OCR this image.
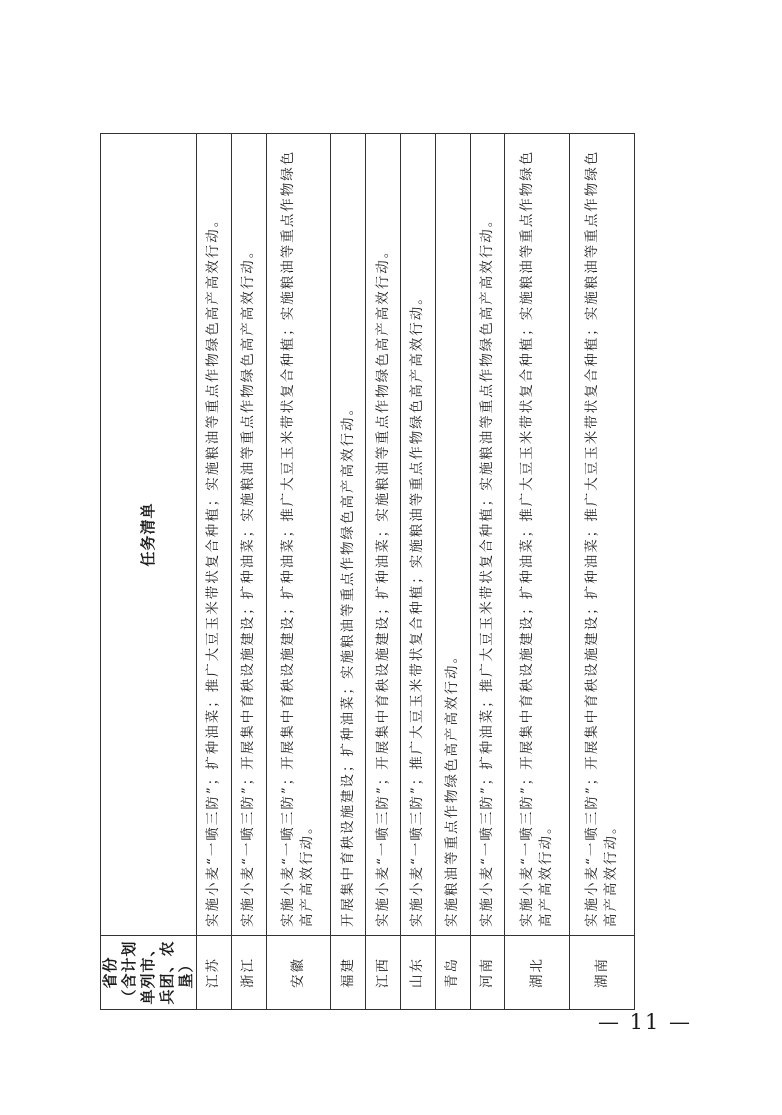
省份 （含计划单列市、 兵团、农垦）	任务清单
江苏	实施小麦“一喷三防”；扩种油菜；推广大豆玉米带状复合种植；实施粮油等重点作物绿色高产高效行动。
浙江	实施小麦“一喷三防”；开展集中育秧设施建设；扩种油菜；实施粮油等重点作物绿色高产高效行动。
安徽	实施小麦“一喷三防”；开展集中育秧设施建设；扩种油菜；推广大豆玉米带状复合种植；实施粮油等重点作物绿色高产高效行动。
福建	开展集中育秧设施建设；扩种油菜；实施粮油等重点作物绿色高产高效行动。
江西	实施小麦“一喷三防”；开展集中育秧设施建设；扩种油菜；实施粮油等重点作物绿色高产高效行动。
山东	实施小麦“一喷三防”；推广大豆玉米带状复合种植；实施粮油等重点作物绿色高产高效行动。
青岛	实施粮油等重点作物绿色高产高效行动。
河南	实施小麦“一喷三防”；扩种油菜；推广大豆玉米带状复合种植；实施粮油等重点作物绿色高产高效行动。
湖北	实施小麦“一喷三防”；开展集中育秧设施建设；扩种油菜；推广大豆玉米带状复合种植；实施粮油等重点作物绿色高产高效行动。
湖南	实施小麦“一喷三防”；开展集中育秧设施建设；扩种油菜；推广大豆玉米带状复合种植；实施粮油等重点作物绿色高产高效行动。
— 11 —
